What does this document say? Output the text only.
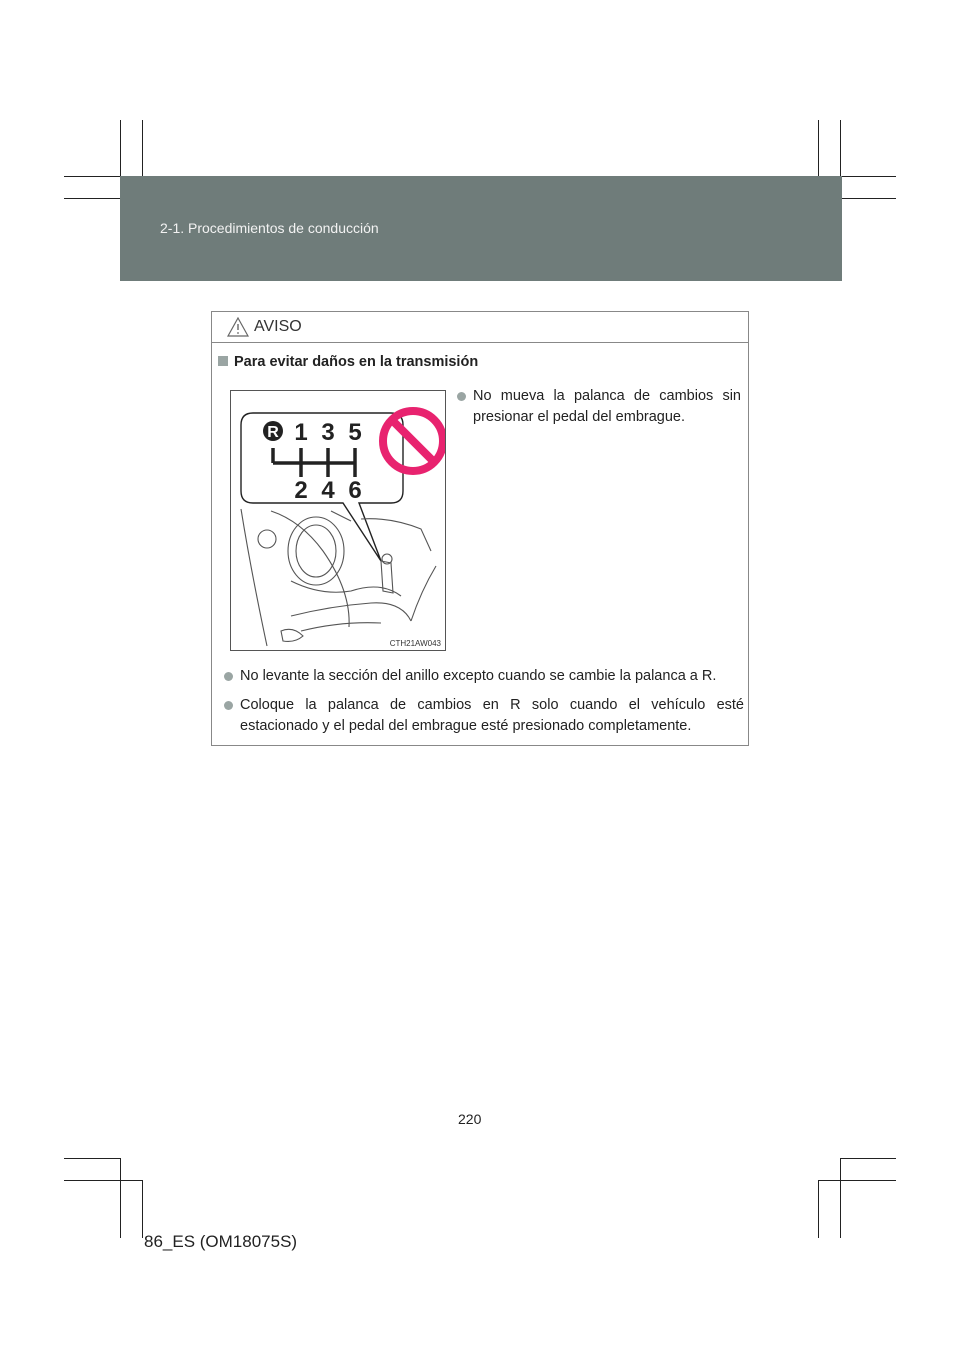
2-1. Procedimientos de conducción
AVISO
Para evitar daños en la transmisión
R 1 3 5
2 4 6
CTH21AW043
No mueva la palanca de cambios sin presionar el pedal del embrague.
No levante la sección del anillo excepto cuando se cambie la palanca a R.
Coloque la palanca de cambios en R solo cuando el vehículo esté estacionado y el pedal del embrague esté presionado completamente.
220
86_ES (OM18075S)
